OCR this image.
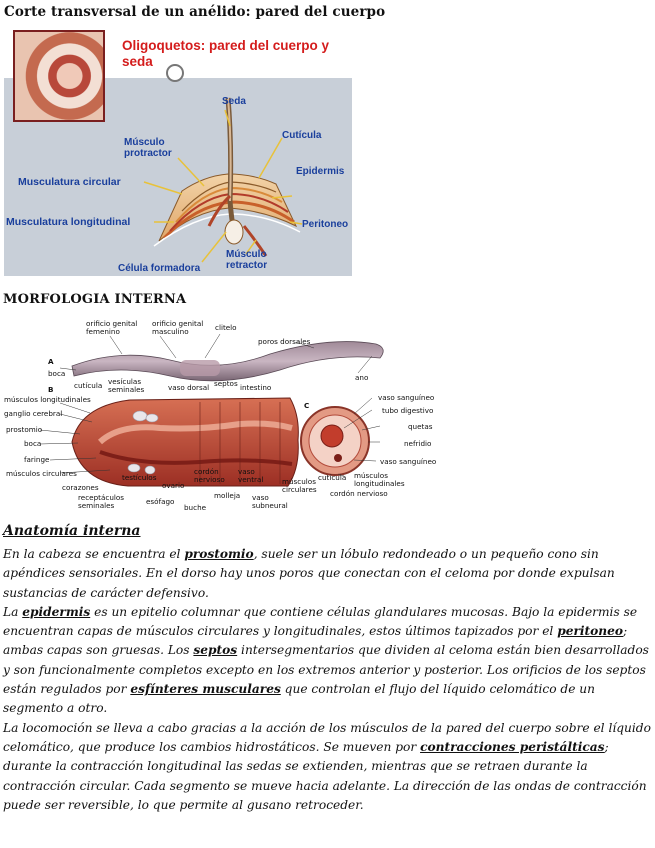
Corte transversal de un anélido: pared del cuerpo
Oligoquetos: pared del cuerpo y seda
Seda
Músculo protractor
Cutícula
Epidermis
Musculatura circular
Musculatura longitudinal	Peritoneo
Célula formadora
Músculo retractor
MORFOLOGIA INTERNA
A
B
C
orificio genital femenino
orificio genital masculino	clitelo
poros dorsales
boca	ano
cutícula vesículas seminales	vaso dorsal septos intestino
músculos longitudinales
ganglio cerebral
prostomio
boca
faringe
músculos circulares	testículos
corazones
receptáculos seminales	esófago
buche
ovario
cordón nervioso
vaso ventral
molleja vaso subneural
vaso sanguíneo
tubo digestivo
quetas
nefridio
vaso sanguíneo
cutícula
músculos circulares
músculos longitudinales
cordón nervioso
Anatomía interna

En la cabeza se encuentra el prostomio, suele ser un lóbulo redondeado o un pequeño cono sin apéndices sensoriales. En el dorso hay unos poros que conectan con el celoma por donde expulsan sustancias de carácter defensivo.

La epidermis es un epitelio columnar que contiene células glandulares mucosas. Bajo la epidermis se encuentran capas de músculos circulares y longitudinales, estos últimos tapizados por el peritoneo; ambas capas son gruesas. Los septos intersegmentarios que dividen al celoma están bien desarrollados y son funcionalmente completos excepto en los extremos anterior y posterior. Los orificios de los septos están regulados por esfínteres musculares que controlan el flujo del líquido celomático de un segmento a otro.

La locomoción se lleva a cabo gracias a la acción de los músculos de la pared del cuerpo sobre el líquido celomático, que produce los cambios hidrostáticos. Se mueven por contracciones peristálticas; durante la contracción longitudinal las sedas se extienden, mientras que se retraen durante la contracción circular. Cada segmento se mueve hacia adelante. La dirección de las ondas de contracción puede ser reversible, lo que permite al gusano retroceder.
